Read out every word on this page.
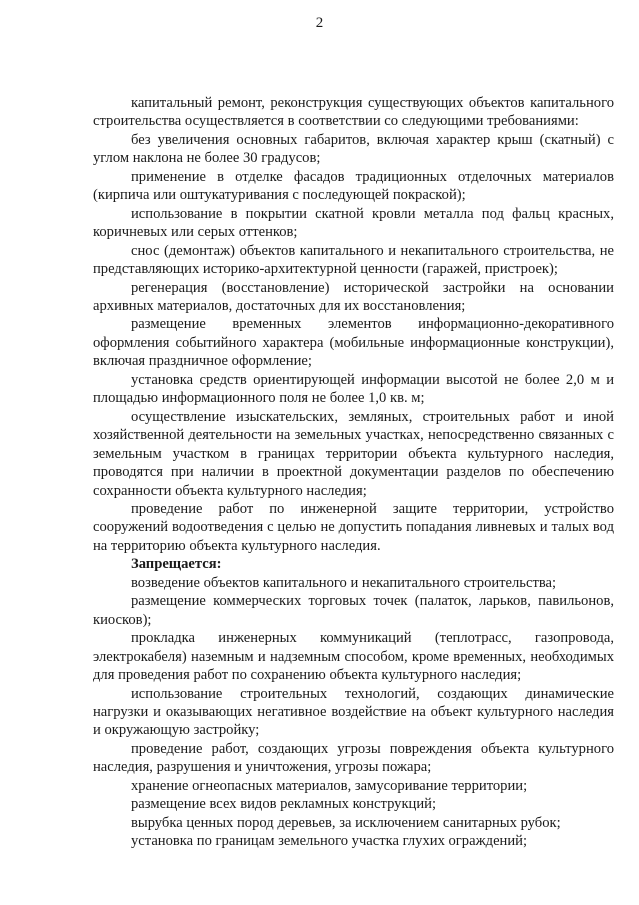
2

капитальный ремонт, реконструкция существующих объектов капитального строительства осуществляется в соответствии со следующими требованиями:

без увеличения основных габаритов, включая характер крыш (скатный) с углом наклона не более 30 градусов;

применение в отделке фасадов традиционных отделочных материалов (кирпича или оштукатуривания с последующей покраской);

использование в покрытии скатной кровли металла под фальц красных, коричневых или серых оттенков;

снос (демонтаж) объектов капитального и некапитального строительства, не представляющих историко-архитектурной ценности (гаражей, пристроек);

регенерация (восстановление) исторической застройки на основании архивных материалов, достаточных для их восстановления;

размещение временных элементов информационно-декоративного оформления событийного характера (мобильные информационные конструкции), включая праздничное оформление;

установка средств ориентирующей информации высотой не более 2,0 м и площадью информационного поля не более 1,0 кв. м;

осуществление изыскательских, земляных, строительных работ и иной хозяйственной деятельности на земельных участках, непосредственно связанных с земельным участком в границах территории объекта культурного наследия, проводятся при наличии в проектной документации разделов по обеспечению сохранности объекта культурного наследия;

проведение работ по инженерной защите территории, устройство сооружений водоотведения с целью не допустить попадания ливневых и талых вод на территорию объекта культурного наследия.

Запрещается:

возведение объектов капитального и некапитального строительства;

размещение коммерческих торговых точек (палаток, ларьков, павильонов, киосков);

прокладка инженерных коммуникаций (теплотрасс, газопровода, электрокабеля) наземным и надземным способом, кроме временных, необходимых для проведения работ по сохранению объекта культурного наследия;

использование строительных технологий, создающих динамические нагрузки и оказывающих негативное воздействие на объект культурного наследия и окружающую застройку;

проведение работ, создающих угрозы повреждения объекта культурного наследия, разрушения и уничтожения, угрозы пожара;

хранение огнеопасных материалов, замусоривание территории;

размещение всех видов рекламных конструкций;

вырубка ценных пород деревьев, за исключением санитарных рубок;

установка по границам земельного участка глухих ограждений;
